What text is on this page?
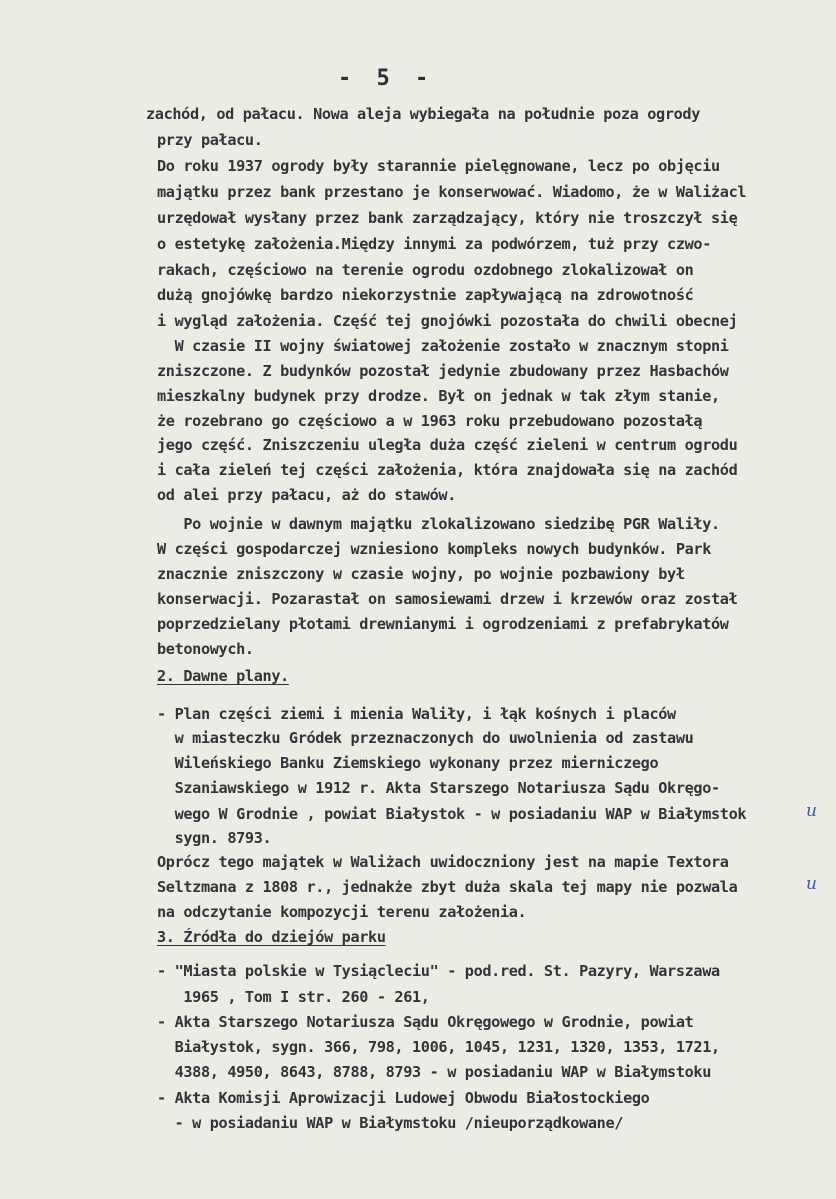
- 5 -
zachód, od pałacu. Nowa aleja wybiegała na południe poza ogrody
przy pałacu.
Do roku 1937 ogrody były starannie pielęgnowane, lecz po objęciu
majątku przez bank przestano je konserwować. Wiadomo, że w Waliżacl
urzędował wysłany przez bank zarządzający, który nie troszczył się
o estetykę założenia.Między innymi za podwórzem, tuż przy czwo-
rakach, częściowo na terenie ogrodu ozdobnego zlokalizował on
dużą gnojówkę bardzo niekorzystnie zapływającą na zdrowotność
i wygląd założenia. Część tej gnojówki pozostała do chwili obecnej
W czasie II wojny światowej założenie zostało w znacznym stopni
zniszczone. Z budynków pozostał jedynie zbudowany przez Hasbachów
mieszkalny budynek przy drodze. Był on jednak w tak złym stanie,
że rozebrano go częściowo a w 1963 roku przebudowano pozostałą
jego część. Zniszczeniu uległa duża część zieleni w centrum ogrodu
i cała zieleń tej części założenia, która znajdowała się na zachód
od alei przy pałacu, aż do stawów.
Po wojnie w dawnym majątku zlokalizowano siedzibę PGR Waliły.
W części gospodarczej wzniesiono kompleks nowych budynków. Park
znacznie zniszczony w czasie wojny, po wojnie pozbawiony był
konserwacji. Pozarastał on samosiewami drzew i krzewów oraz został
poprzedzielany płotami drewnianymi i ogrodzeniami z prefabrykatów
betonowych.
2. Dawne plany.
- Plan części ziemi i mienia Waliły, i łąk kośnych i placów
w miasteczku Gródek przeznaczonych do uwolnienia od zastawu
Wileńskiego Banku Ziemskiego wykonany przez mierniczego
Szaniawskiego w 1912 r. Akta Starszego Notariusza Sądu Okręgo-
wego W Grodnie , powiat Białystok - w posiadaniu WAP w Białymstok
sygn. 8793.
Oprócz tego majątek w Waliżach uwidoczniony jest na mapie Textora
Seltzmana z 1808 r., jednakże zbyt duża skala tej mapy nie pozwala
na odczytanie kompozycji terenu założenia.
3. Źródła do dziejów parku
- "Miasta polskie w Tysiącleciu" - pod.red. St. Pazyry, Warszawa
1965 , Tom I str. 260 - 261,
- Akta Starszego Notariusza Sądu Okręgowego w Grodnie, powiat
Białystok, sygn. 366, 798, 1006, 1045, 1231, 1320, 1353, 1721,
4388, 4950, 8643, 8788, 8793 - w posiadaniu WAP w Białymstoku
- Akta Komisji Aprowizacji Ludowej Obwodu Białostockiego
- w posiadaniu WAP w Białymstoku /nieuporządkowane/
u
u
